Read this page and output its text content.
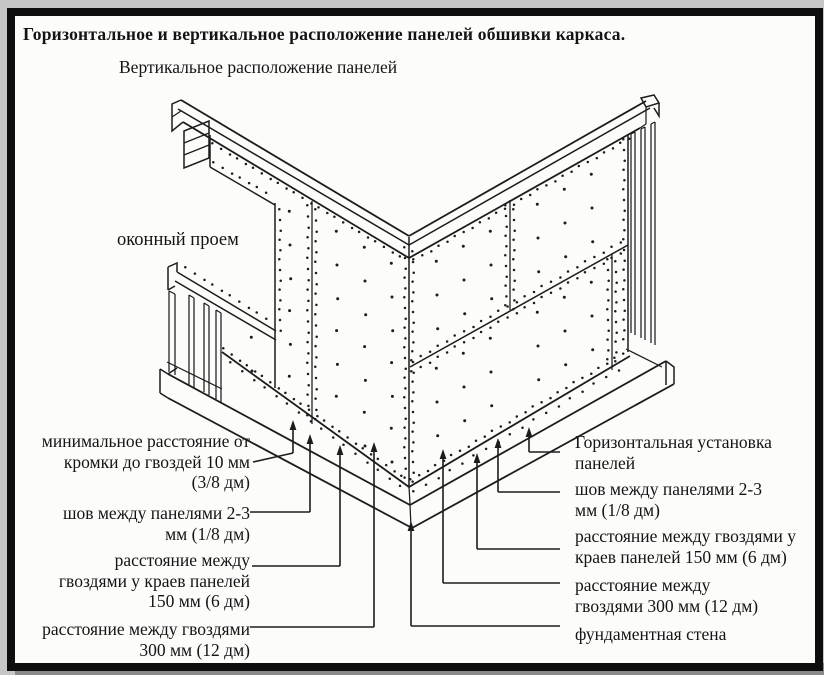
Горизонтальное и вертикальное расположение панелей обшивки каркаса.
Вертикальное расположение панелей
оконный проем
минимальное расстояние от
кромки до гвоздей 10 мм
(3/8 дм)
шов между панелями 2-3
мм (1/8 дм)
расстояние между
гвоздями у краев панелей
150 мм (6 дм)
расстояние между гвоздями
300 мм (12 дм)
Горизонтальная установка
панелей
шов между панелями 2-3
мм (1/8 дм)
расстояние между гвоздями у
краев панелей 150 мм (6 дм)
расстояние между
гвоздями 300 мм (12 дм)
фундаментная стена
